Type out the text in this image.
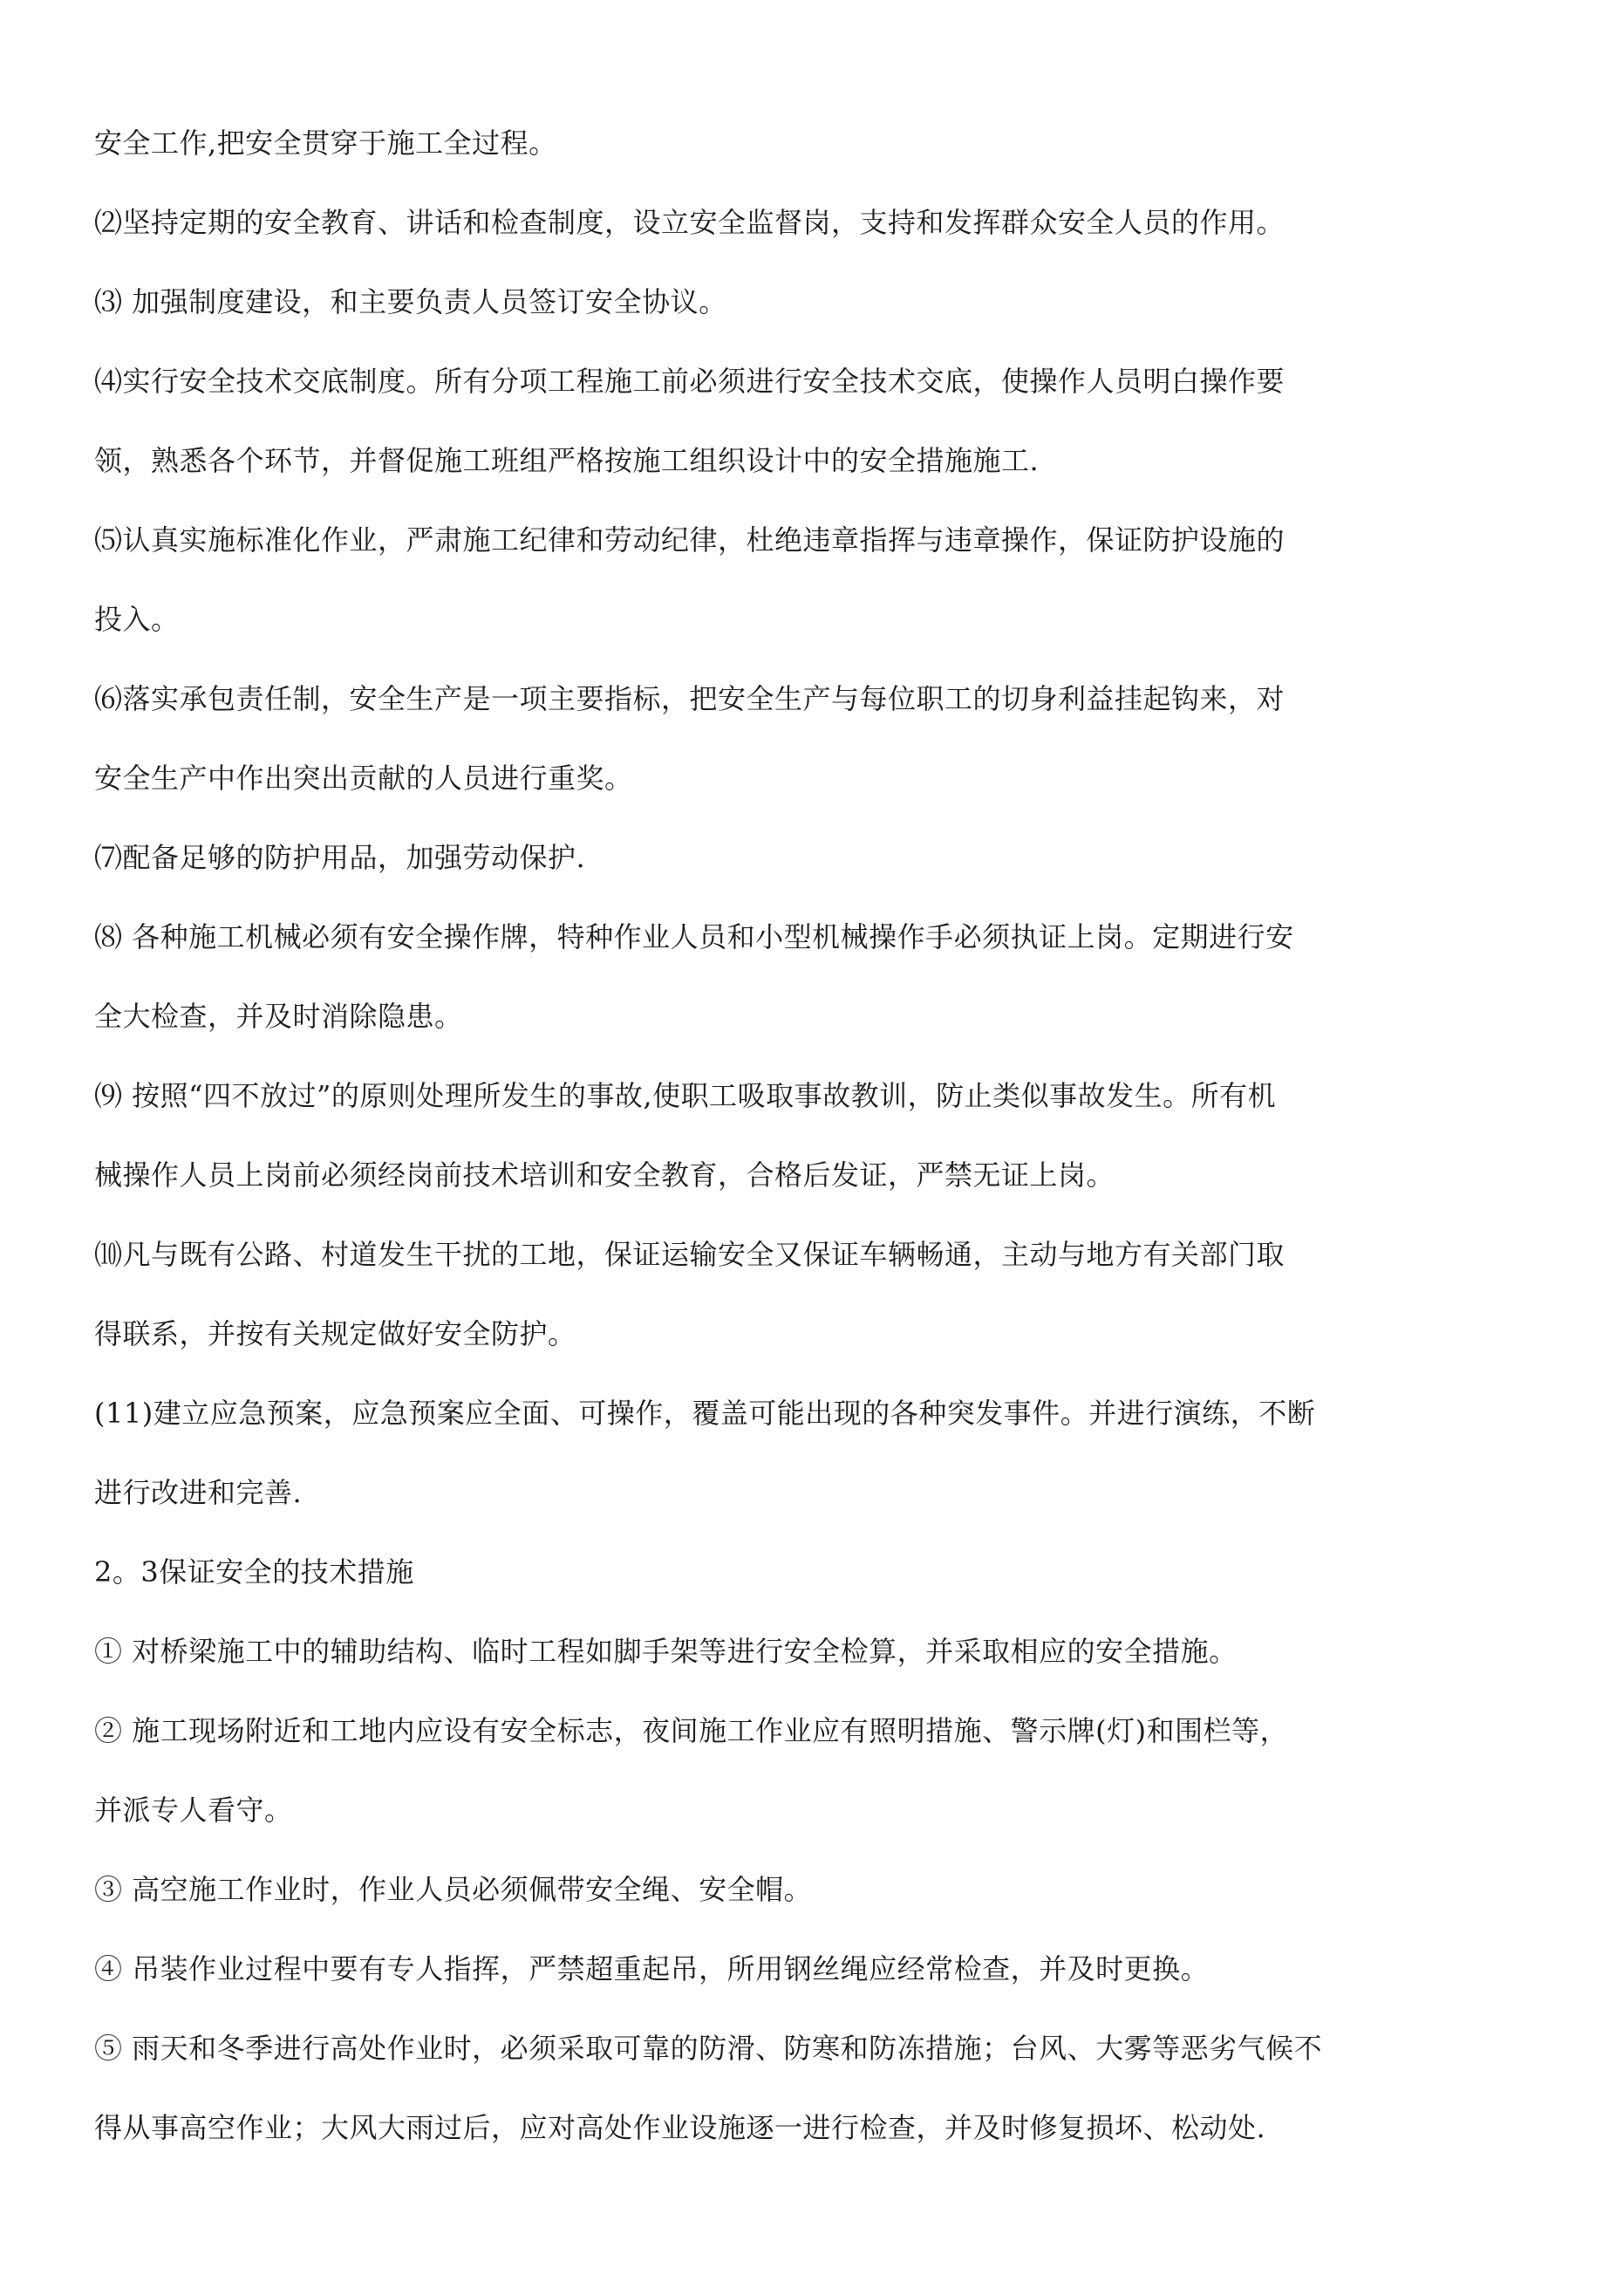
安全工作,把安全贯穿于施工全过程。
⑵坚持定期的安全教育、讲话和检查制度，设立安全监督岗，支持和发挥群众安全人员的作用。
⑶ 加强制度建设，和主要负责人员签订安全协议。
⑷实行安全技术交底制度。所有分项工程施工前必须进行安全技术交底，使操作人员明白操作要
领，熟悉各个环节，并督促施工班组严格按施工组织设计中的安全措施施工.
⑸认真实施标准化作业，严肃施工纪律和劳动纪律，杜绝违章指挥与违章操作，保证防护设施的
投入。
⑹落实承包责任制，安全生产是一项主要指标，把安全生产与每位职工的切身利益挂起钩来，对
安全生产中作出突出贡献的人员进行重奖。
⑺配备足够的防护用品，加强劳动保护.
⑻ 各种施工机械必须有安全操作牌，特种作业人员和小型机械操作手必须执证上岗。定期进行安
全大检查，并及时消除隐患。
⑼ 按照“四不放过”的原则处理所发生的事故,使职工吸取事故教训，防止类似事故发生。所有机
械操作人员上岗前必须经岗前技术培训和安全教育，合格后发证，严禁无证上岗。
⑽凡与既有公路、村道发生干扰的工地，保证运输安全又保证车辆畅通，主动与地方有关部门取
得联系，并按有关规定做好安全防护。
(11)建立应急预案，应急预案应全面、可操作，覆盖可能出现的各种突发事件。并进行演练，不断
进行改进和完善.
2。3保证安全的技术措施
① 对桥梁施工中的辅助结构、临时工程如脚手架等进行安全检算，并采取相应的安全措施。
② 施工现场附近和工地内应设有安全标志，夜间施工作业应有照明措施、警示牌(灯)和围栏等，
并派专人看守。
③ 高空施工作业时，作业人员必须佩带安全绳、安全帽。
④ 吊装作业过程中要有专人指挥，严禁超重起吊，所用钢丝绳应经常检查，并及时更换。
⑤ 雨天和冬季进行高处作业时，必须采取可靠的防滑、防寒和防冻措施；台风、大雾等恶劣气候不
得从事高空作业；大风大雨过后，应对高处作业设施逐一进行检查，并及时修复损坏、松动处.
